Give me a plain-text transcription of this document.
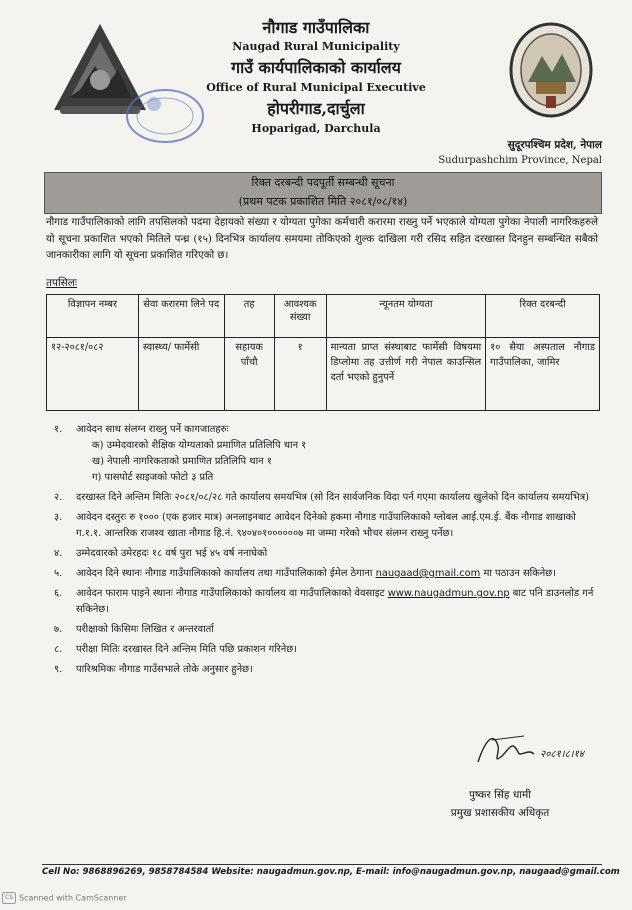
नौगाड गाउँपालिका
Naugad Rural Municipality
गाउँ कार्यपालिकाको कार्यालय
Office of Rural Municipal Executive
होपरीगाड,दार्चुला
Hoparigad, Darchula
सुदूरपश्चिम प्रदेश, नेपाल
Sudurpashchim Province, Nepal
रिक्त दरबन्दी पदपूर्ती सम्बन्धी सूचना
(प्रथम पटक प्रकाशित मिति २०८१/०८/१४)
नौगाड गाउँपालिकाको लागि तपसिलको पदमा देहायको संख्या र योग्यता पुगेका कर्मचारी करारमा राख्नु पर्ने भएकाले योग्यता पुगेका नेपाली नागरिकहरुले यो सूचना प्रकाशित भएको मितिले पन्ध्र (१५) दिनभित्र कार्यालय समयमा तोकिएको शुल्क दाखिला गरी रसिद सहित दरखास्त दिनहुन सम्बन्धित सबैको जानकारीका लागि यो सूचना प्रकाशित गरिएको छ।
तपसिलः
विज्ञापन नम्बर	सेवा करारमा लिने पद	तह	आवश्यक संख्या	न्यूनतम योग्यता	रिक्त दरबन्दी
१२-२०८१/०८२	स्वास्थ्य/ फार्मेसी	सहायक पाँचौ	१	मान्यता प्राप्त संस्थाबाट फार्मेसी विषयमा डिप्लोमा तह उत्तीर्ण गरी नेपाल काउन्सिल दर्ता भएको हुनुपर्ने	१० सैया अस्पताल नौगाड गाउँपालिका, जामिर
१. आवेदन साथ संलग्न राख्नु पर्ने कागजातहरुः
क) उम्मेदवारको शैक्षिक योग्यताको प्रमाणित प्रतिलिपि थान १
ख) नेपाली नागरिकताको प्रमाणित प्रतिलिपि थान १
ग) पासपोर्ट साइजको फोटो ३ प्रति
२. दरखास्त दिने अन्तिम मितिः २०८१/०८/२८ गते कार्यालय समयभित्र (सो दिन सार्वजनिक विदा पर्न गएमा कार्यालय खुलेको दिन कार्यालय समयभित्र)
३. आवेदन दस्तुरः रु १००० (एक हजार मात्र) अनलाइनबाट आवेदन दिनेको हकमा नौगाड गाउँपालिकाको ग्लोबल आई.एम.ई. बैंक नौगाड शाखाको ग.१.१. आन्तरिक राजश्व खाता नौगाड हि.नं. ९४०४०१००००००७ मा जम्मा गरेको भौचर संलग्न राख्नु पर्नेछ।
४. उम्मेदवारको उमेरहदः १८ वर्ष पुरा भई ४५ वर्ष ननाघेको
५. आवेदन दिने स्थानः नौगाड गाउँपालिकाको कार्यालय तथा गाउँपालिकाको ईमेल ठेगाना naugaad@gmail.com मा पठाउन सकिनेछ।
६. आवेदन फाराम पाइने स्थानः नौगाड गाउँपालिकाको कार्यालय वा गाउँपालिकाको वेवसाइट www.naugadmun.gov.np बाट पनि डाउनलोड गर्न सकिनेछ।
७. परीक्षाको किसिमः लिखित र अन्तरवार्ता
८. परीक्षा मितिः दरखास्त दिने अन्तिम मिति पछि प्रकाशन गरिनेछ।
९. पारिश्रमिकः नौगाड गाउँसभाले तोके अनुसार हुनेछ।
२०८१।८।१४
पुष्कर सिंह धामी
प्रमुख प्रशासकीय अधिकृत
Cell No: 9868896269, 9858784584 Website: naugadmun.gov.np, E-mail: info@naugadmun.gov.np, naugaad@gmail.com
CS Scanned with CamScanner
